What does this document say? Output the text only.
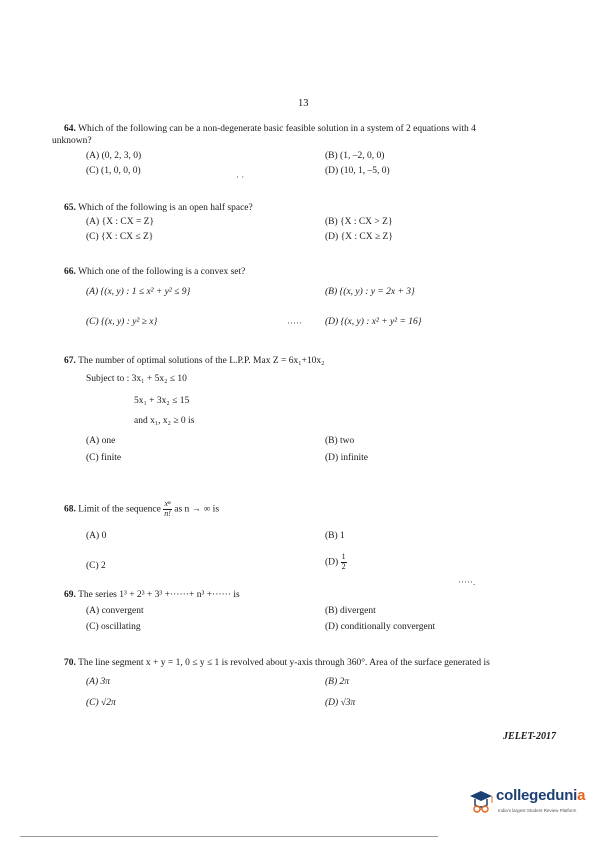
13
64. Which of the following can be a non-degenerate basic feasible solution in a system of 2 equations with 4
unknown?
(A) (0, 2, 3, 0)	(B) (1, –2, 0, 0)
(C) (1, 0, 0, 0)	(D) (10, 1, –5, 0)
· ·
65. Which of the following is an open half space?
(A) {X : CX = Z}	(B) {X : CX > Z}
(C) {X : CX ≤ Z}	(D) {X : CX ≥ Z}
66. Which one of the following is a convex set?
(A) {(x, y) : 1 ≤ x² + y² ≤ 9}	(B) {(x, y) : y = 2x + 3}
(C) {(x, y) : y² ≥ x}	(D) {(x, y) : x² + y² = 16}
·····
67. The number of optimal solutions of the L.P.P. Max Z = 6x₁+10x₂
Subject to : 3x₁ + 5x₂ ≤ 10
5x₁ + 3x₂ ≤ 15
and x₁, x₂ ≥ 0 is
(A) one	(B) two
(C) finite	(D) infinite
68. Limit of the sequence $\frac{\text{xⁿ}}{n!}$ as n → ∞ is
(A) 0	(B) 1
(C) 2	$(D) \frac{1}{2}$
·····.
69. The series 1³ + 2³ + 3³ +······+ n³ +······ is
(A) convergent	(B) divergent
(C) oscillating	(D) conditionally convergent
70. The line segment x + y = 1, 0 ≤ y ≤ 1 is revolved about y-axis through 360°. Area of the surface generated is
(A) 3π	(B) 2π
(C) √2π	(D) √3π
JELET-2017
collegedunia
India's largest Student Review Platform
